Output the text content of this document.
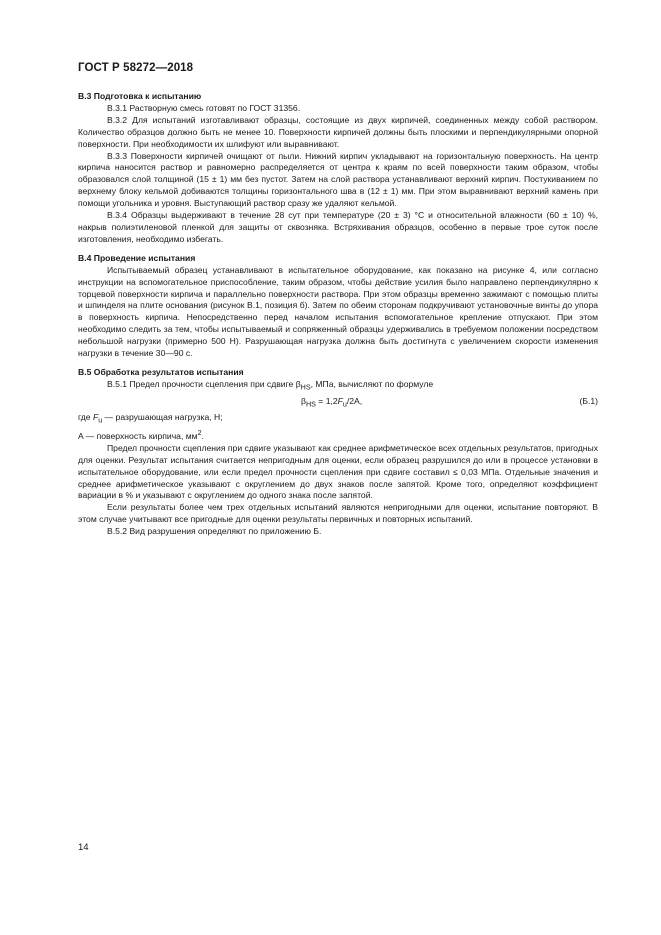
ГОСТ Р 58272—2018

В.3 Подготовка к испытанию

В.3.1 Растворную смесь готовят по ГОСТ 31356.

В.3.2 Для испытаний изготавливают образцы, состоящие из двух кирпичей, соединенных между собой раствором. Количество образцов должно быть не менее 10. Поверхности кирпичей должны быть плоскими и перпендикулярными опорной поверхности. При необходимости их шлифуют или выравнивают.

В.3.3 Поверхности кирпичей очищают от пыли. Нижний кирпич укладывают на горизонтальную поверхность. На центр кирпича наносится раствор и равномерно распределяется от центра к краям по всей поверхности таким образом, чтобы образовался слой толщиной (15 ± 1) мм без пустот. Затем на слой раствора устанавливают верхний кирпич. Постукиванием по верхнему блоку кельмой добиваются толщины горизонтального шва в (12 ± 1) мм. При этом выравнивают верхний камень при помощи угольника и уровня. Выступающий раствор сразу же удаляют кельмой.

В.3.4 Образцы выдерживают в течение 28 сут при температуре (20 ± 3) °С и относительной влажности (60 ± 10) %, накрыв полиэтиленовой пленкой для защиты от сквозняка. Встряхивания образцов, особенно в первые трое суток после изготовления, необходимо избегать.

В.4 Проведение испытания

Испытываемый образец устанавливают в испытательное оборудование, как показано на рисунке 4, или согласно инструкции на вспомогательное приспособление, таким образом, чтобы действие усилия было направлено перпендикулярно к торцевой поверхности кирпича и параллельно поверхности раствора. При этом образцы временно зажимают с помощью плиты и шпинделя на плите основания (рисунок В.1, позиция б). Затем по обеим сторонам подкручивают установочные винты до упора в поверхность кирпича. Непосредственно перед началом испытания вспомогательное крепление отпускают. При этом необходимо следить за тем, чтобы испытываемый и сопряженный образцы удерживались в требуемом положении посредством небольшой нагрузки (примерно 500 Н). Разрушающая нагрузка должна быть достигнута с увеличением скорости изменения нагрузки в течение 30—90 с.

В.5 Обработка результатов испытания

В.5.1 Предел прочности сцепления при сдвиге $\beta_{HS}$, МПа, вычисляют по формуле

$\beta_{HS} = 1,2F_u/2A$,	(Б.1)

где $F_u$ — разрушающая нагрузка, Н;

A — поверхность кирпича, $мм^2$.

Предел прочности сцепления при сдвиге указывают как среднее арифметическое всех отдельных результатов, пригодных для оценки. Результат испытания считается непригодным для оценки, если образец разрушился до или в процессе установки в испытательное оборудование, или если предел прочности сцепления при сдвиге составил ≤ 0,03 МПа. Отдельные значения и среднее арифметическое указывают с округлением до двух знаков после запятой. Кроме того, определяют коэффициент вариации в % и указывают с округлением до одного знака после запятой.

Если результаты более чем трех отдельных испытаний являются непригодными для оценки, испытание повторяют. В этом случае учитывают все пригодные для оценки результаты первичных и повторных испытаний.

В.5.2 Вид разрушения определяют по приложению Б.

14
